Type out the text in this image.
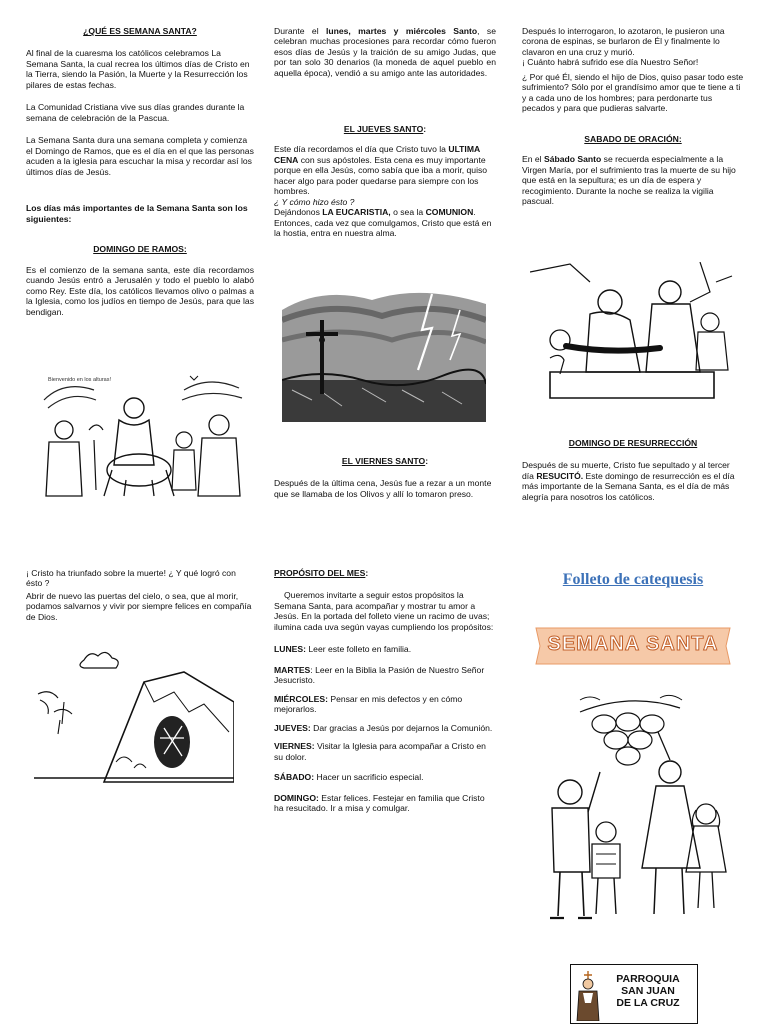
¿QUÉ ES SEMANA SANTA?

Al final de la cuaresma los católicos celebramos La Semana Santa, la cual recrea los últimos días de Cristo en la Tierra, siendo la Pasión, la Muerte y la Resurrección los pilares de estas fechas.

La Comunidad Cristiana vive sus días grandes durante la semana de celebración de la Pascua.

La Semana Santa dura una semana completa y comienza el Domingo de Ramos, que es el día en el que las personas acuden a la iglesia para escuchar la misa y recordar así los últimos días de Jesús.

Los días más importantes de la Semana Santa son los siguientes:

DOMINGO DE RAMOS:

Es el comienzo de la semana santa, este día recordamos cuando Jesús entró a Jerusalén y todo el pueblo lo alabó como Rey. Este día, los católicos llevamos olivo o palmas a la Iglesia, como los judíos en tiempo de Jesús, para que las bendigan.

Bienvenido en los alturas!

¡ Cristo ha triunfado sobre la muerte! ¿ Y qué logró con ésto ?

Abrir de nuevo las puertas del cielo, o sea, que al morir, podamos salvarnos y vivir por siempre felices en compañía de Dios.

Durante el lunes, martes y miércoles Santo, se celebran muchas procesiones para recordar cómo fueron esos días de Jesús y la traición de su amigo Judas, que por tan solo 30 denarios (la moneda de aquel pueblo en aquella época), vendió a su amigo ante las autoridades.

EL JUEVES SANTO:

Este día recordamos el día que Cristo tuvo la ULTIMA CENA con sus apóstoles. Esta cena es muy importante porque en ella Jesús, como sabía que iba a morir, quiso hacer algo para poder quedarse para siempre con los hombres.

¿ Y cómo hizo ésto ?

Dejándonos LA EUCARISTIA, o sea la COMUNION. Entonces, cada vez que comulgamos, Cristo que está en la hostia, entra en nuestra alma.

EL VIERNES SANTO:

Después de la última cena, Jesús fue a rezar a un monte que se llamaba de los Olivos y allí lo tomaron preso.

PROPÓSITO DEL MES:

Queremos invitarte a seguir estos propósitos la Semana Santa, para acompañar y mostrar tu amor a Jesús. En la portada del folleto viene un racimo de uvas; ilumina cada uva según vayas cumpliendo los propósitos:

LUNES: Leer este folleto en familia.

MARTES: Leer en la Biblia la Pasión de Nuestro Señor Jesucristo.

MIÉRCOLES: Pensar en mis defectos y en cómo mejorarlos.

JUEVES: Dar gracias a Jesús por dejarnos la Comunión.

VIERNES: Visitar la Iglesia para acompañar a Cristo en su dolor.

SÁBADO: Hacer un sacrificio especial.

DOMINGO: Estar felices. Festejar en familia que Cristo ha resucitado. Ir a misa y comulgar.

Después lo interrogaron, lo azotaron, le pusieron una corona de espinas, se burlaron de Él y finalmente lo clavaron en una cruz y murió.

¡ Cuánto habrá sufrido ese día Nuestro Señor!

¿ Por qué Él, siendo el hijo de Dios, quiso pasar todo este sufrimiento? Sólo por el grandísimo amor que te tiene a ti y a cada uno de los hombres; para perdonarte tus pecados y para que pudieras salvarte.

SABADO DE ORACIÓN:

En el Sábado Santo se recuerda especialmente a la Virgen María, por el sufrimiento tras la muerte de su hijo que está en la sepultura; es un día de espera y recogimiento. Durante la noche se realiza la vigilia pascual.

DOMINGO DE RESURRECCIÓN

Después de su muerte, Cristo fue sepultado y al tercer día RESUCITÓ. Este domingo de resurrección es el día más importante de la Semana Santa, es el día de más alegría para nosotros los católicos.

Folleto de catequesis
SEMANA SANTA
PARROQUIA
SAN JUAN
DE LA CRUZ
